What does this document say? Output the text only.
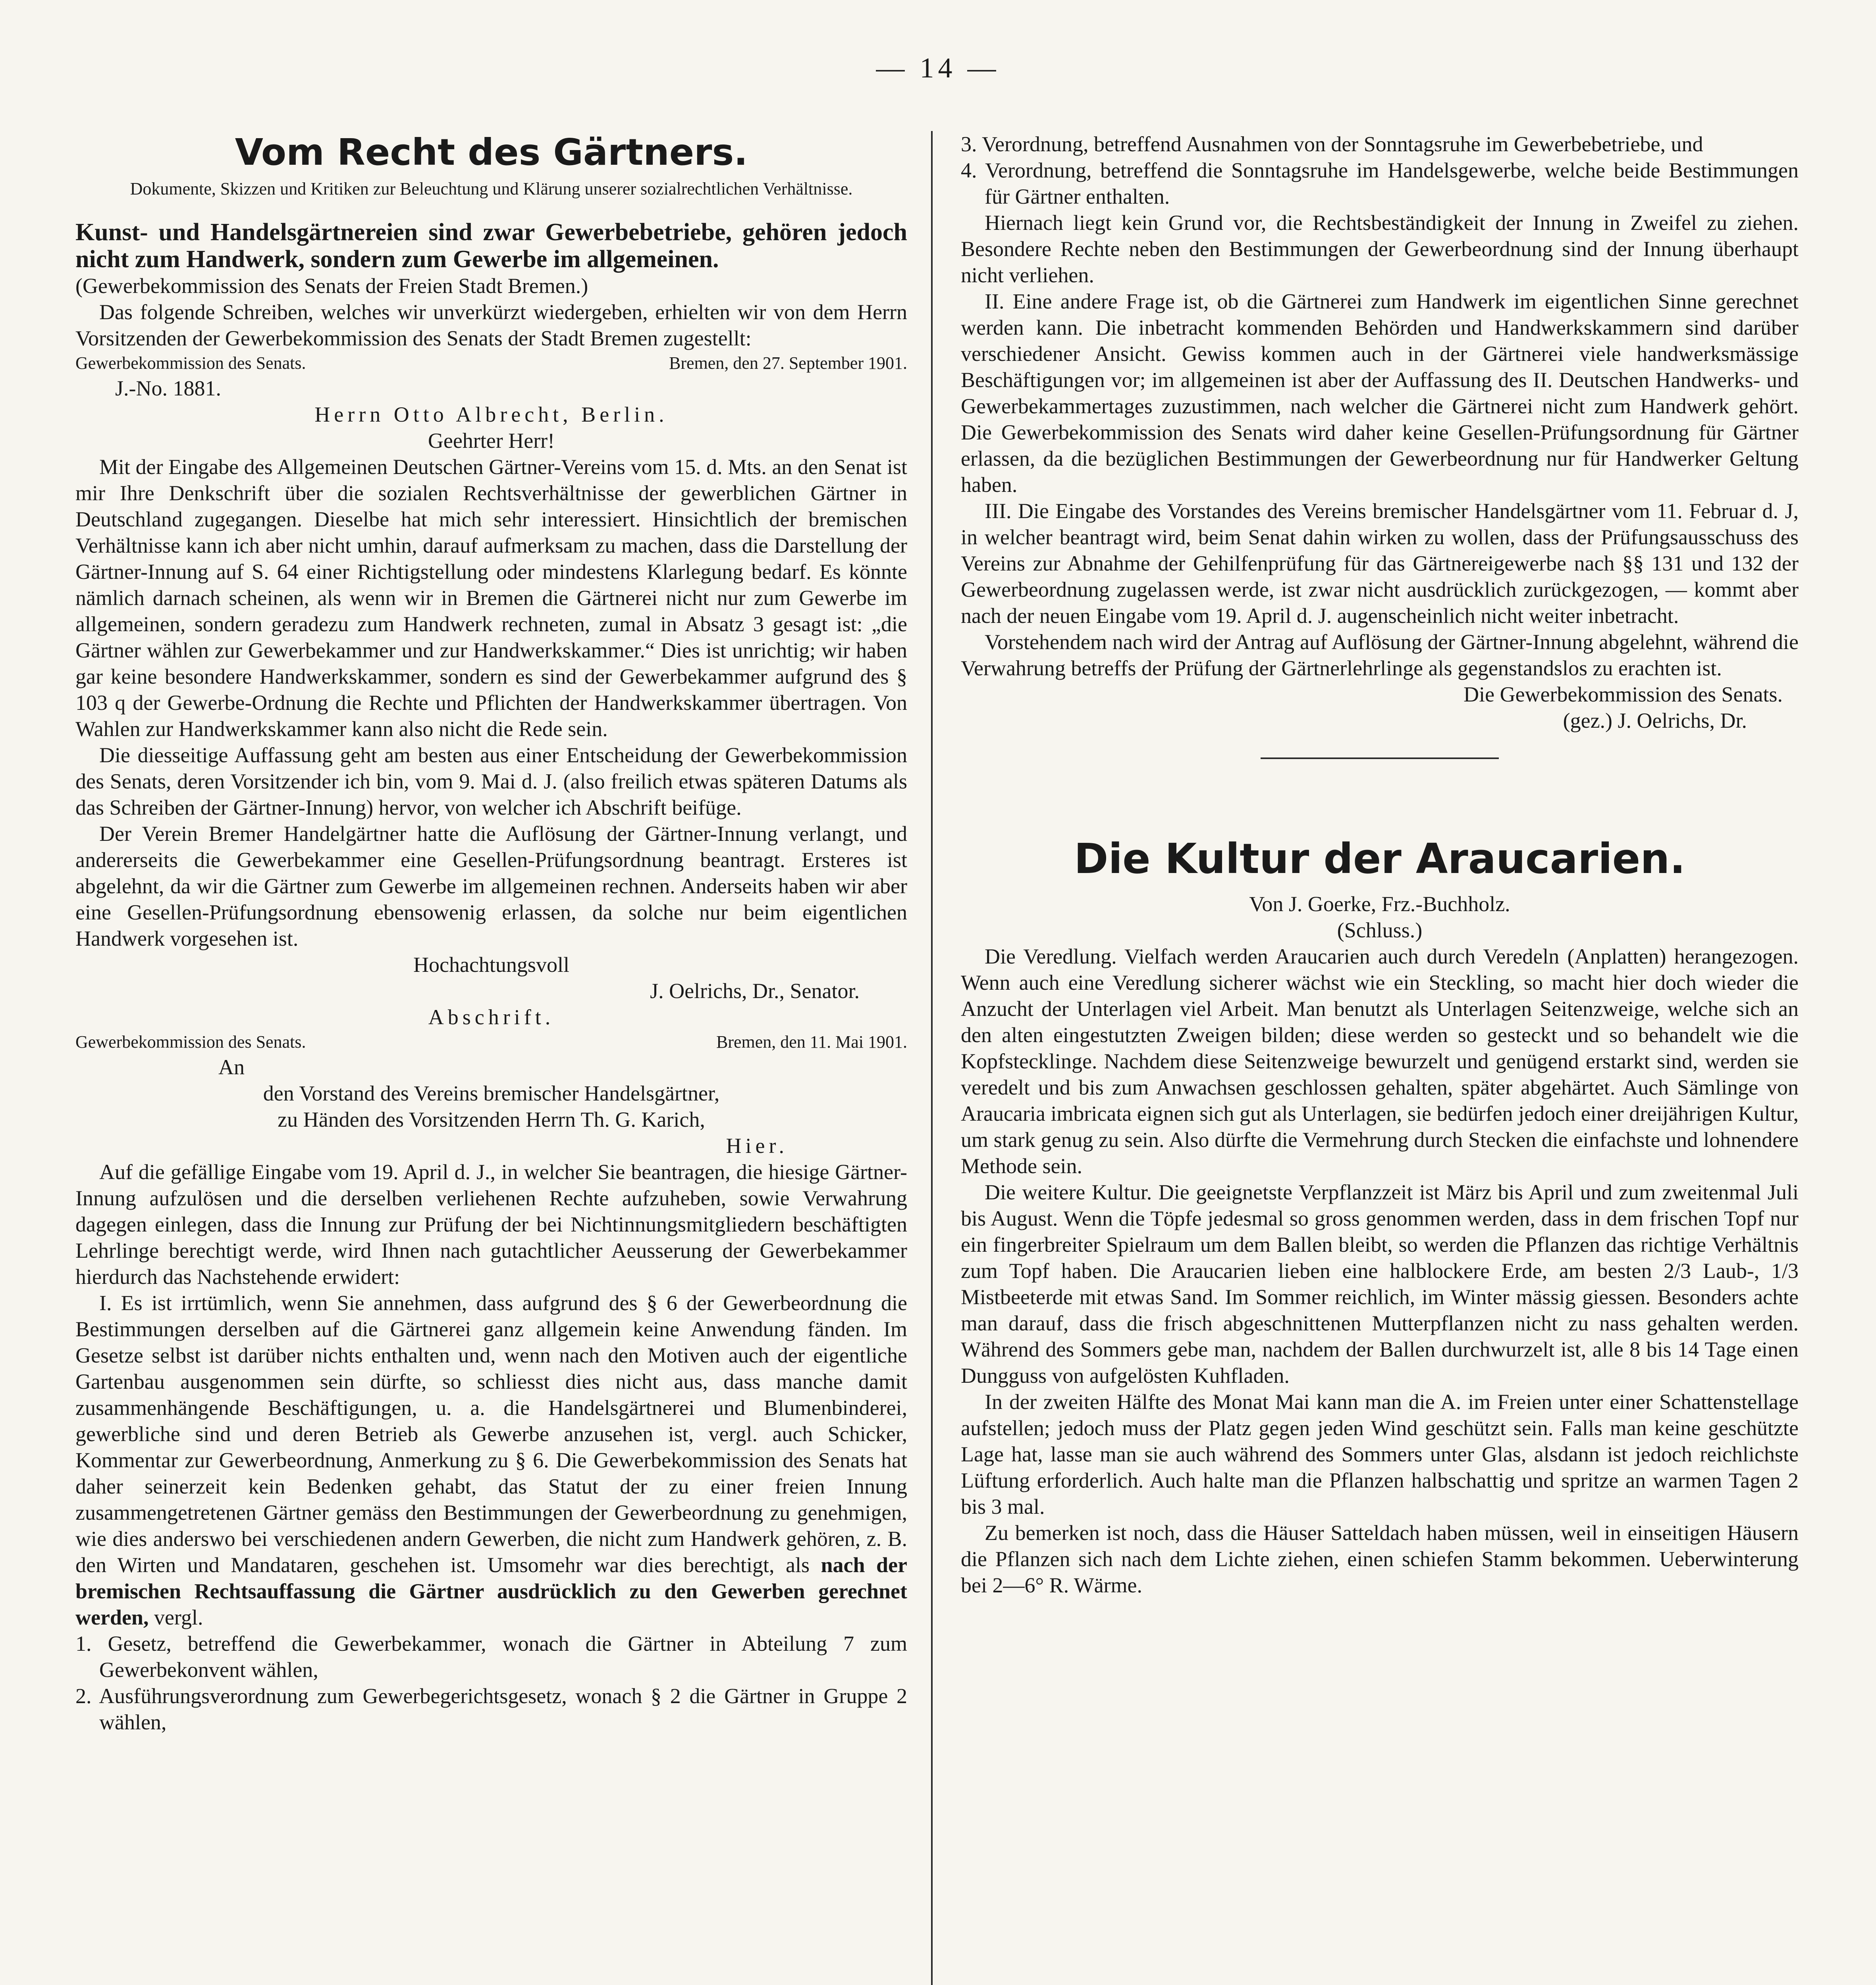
— 14 —
Vom Recht des Gärtners.
Dokumente, Skizzen und Kritiken zur Beleuchtung und Klärung unserer sozialrechtlichen Verhältnisse.

Kunst- und Handelsgärtnereien sind zwar Gewerbebetriebe, gehören jedoch nicht zum Handwerk, sondern zum Gewerbe im allgemeinen.

(Gewerbekommission des Senats der Freien Stadt Bremen.)

Das folgende Schreiben, welches wir unverkürzt wiedergeben, erhielten wir von dem Herrn Vorsitzenden der Gewerbekommission des Senats der Stadt Bremen zugestellt:

Gewerbekommission des Senats.	Bremen, den 27. September 1901.

J.-No. 1881.

Herrn Otto Albrecht, Berlin.

Geehrter Herr!

Mit der Eingabe des Allgemeinen Deutschen Gärtner-Vereins vom 15. d. Mts. an den Senat ist mir Ihre Denkschrift über die sozialen Rechtsverhältnisse der gewerblichen Gärtner in Deutschland zugegangen. Dieselbe hat mich sehr interessiert. Hinsichtlich der bremischen Verhältnisse kann ich aber nicht umhin, darauf aufmerksam zu machen, dass die Darstellung der Gärtner-Innung auf S. 64 einer Richtigstellung oder mindestens Klarlegung bedarf. Es könnte nämlich darnach scheinen, als wenn wir in Bremen die Gärtnerei nicht nur zum Gewerbe im allgemeinen, sondern geradezu zum Handwerk rechneten, zumal in Absatz 3 gesagt ist: „die Gärtner wählen zur Gewerbekammer und zur Handwerkskammer.“ Dies ist unrichtig; wir haben gar keine besondere Handwerkskammer, sondern es sind der Gewerbekammer aufgrund des § 103 q der Gewerbe-Ordnung die Rechte und Pflichten der Handwerkskammer übertragen. Von Wahlen zur Handwerkskammer kann also nicht die Rede sein.

Die diesseitige Auffassung geht am besten aus einer Entscheidung der Gewerbekommission des Senats, deren Vorsitzender ich bin, vom 9. Mai d. J. (also freilich etwas späteren Datums als das Schreiben der Gärtner-Innung) hervor, von welcher ich Abschrift beifüge.

Der Verein Bremer Handelgärtner hatte die Auflösung der Gärtner-Innung verlangt, und andererseits die Gewerbekammer eine Gesellen-Prüfungsordnung beantragt. Ersteres ist abgelehnt, da wir die Gärtner zum Gewerbe im allgemeinen rechnen. Anderseits haben wir aber eine Gesellen-Prüfungsordnung ebensowenig erlassen, da solche nur beim eigentlichen Handwerk vorgesehen ist.

Hochachtungsvoll

J. Oelrichs, Dr., Senator.

Abschrift.

Gewerbekommission des Senats.	Bremen, den 11. Mai 1901.

An

den Vorstand des Vereins bremischer Handelsgärtner,

zu Händen des Vorsitzenden Herrn Th. G. Karich,

Hier.

Auf die gefällige Eingabe vom 19. April d. J., in welcher Sie beantragen, die hiesige Gärtner-Innung aufzulösen und die derselben verliehenen Rechte aufzuheben, sowie Verwahrung dagegen einlegen, dass die Innung zur Prüfung der bei Nichtinnungsmitgliedern beschäftigten Lehrlinge berechtigt werde, wird Ihnen nach gutachtlicher Aeusserung der Gewerbekammer hierdurch das Nachstehende erwidert:

I. Es ist irrtümlich, wenn Sie annehmen, dass aufgrund des § 6 der Gewerbeordnung die Bestimmungen derselben auf die Gärtnerei ganz allgemein keine Anwendung fänden. Im Gesetze selbst ist darüber nichts enthalten und, wenn nach den Motiven auch der eigentliche Gartenbau ausgenommen sein dürfte, so schliesst dies nicht aus, dass manche damit zusammenhängende Beschäftigungen, u. a. die Handelsgärtnerei und Blumenbinderei, gewerbliche sind und deren Betrieb als Gewerbe anzusehen ist, vergl. auch Schicker, Kommentar zur Gewerbeordnung, Anmerkung zu § 6. Die Gewerbekommission des Senats hat daher seinerzeit kein Bedenken gehabt, das Statut der zu einer freien Innung zusammengetretenen Gärtner gemäss den Bestimmungen der Gewerbeordnung zu genehmigen, wie dies anderswo bei verschiedenen andern Gewerben, die nicht zum Handwerk gehören, z. B. den Wirten und Mandataren, geschehen ist. Umsomehr war dies berechtigt, als nach der bremischen Rechtsauffassung die Gärtner ausdrücklich zu den Gewerben gerechnet werden, vergl.

1. Gesetz, betreffend die Gewerbekammer, wonach die Gärtner in Abteilung 7 zum Gewerbekonvent wählen,

2. Ausführungsverordnung zum Gewerbegerichtsgesetz, wonach § 2 die Gärtner in Gruppe 2 wählen,

3. Verordnung, betreffend Ausnahmen von der Sonntagsruhe im Gewerbebetriebe, und

4. Verordnung, betreffend die Sonntagsruhe im Handelsgewerbe, welche beide Bestimmungen für Gärtner enthalten.

Hiernach liegt kein Grund vor, die Rechtsbeständigkeit der Innung in Zweifel zu ziehen. Besondere Rechte neben den Bestimmungen der Gewerbeordnung sind der Innung überhaupt nicht verliehen.

II. Eine andere Frage ist, ob die Gärtnerei zum Handwerk im eigentlichen Sinne gerechnet werden kann. Die inbetracht kommenden Behörden und Handwerkskammern sind darüber verschiedener Ansicht. Gewiss kommen auch in der Gärtnerei viele handwerksmässige Beschäftigungen vor; im allgemeinen ist aber der Auffassung des II. Deutschen Handwerks- und Gewerbekammertages zuzustimmen, nach welcher die Gärtnerei nicht zum Handwerk gehört. Die Gewerbekommission des Senats wird daher keine Gesellen-Prüfungsordnung für Gärtner erlassen, da die bezüglichen Bestimmungen der Gewerbeordnung nur für Handwerker Geltung haben.

III. Die Eingabe des Vorstandes des Vereins bremischer Handelsgärtner vom 11. Februar d. J, in welcher beantragt wird, beim Senat dahin wirken zu wollen, dass der Prüfungsausschuss des Vereins zur Abnahme der Gehilfenprüfung für das Gärtnereigewerbe nach §§ 131 und 132 der Gewerbeordnung zugelassen werde, ist zwar nicht ausdrücklich zurückgezogen, — kommt aber nach der neuen Eingabe vom 19. April d. J. augenscheinlich nicht weiter inbetracht.

Vorstehendem nach wird der Antrag auf Auflösung der Gärtner-Innung abgelehnt, während die Verwahrung betreffs der Prüfung der Gärtnerlehrlinge als gegenstandslos zu erachten ist.

Die Gewerbekommission des Senats.

(gez.) J. Oelrichs, Dr.

Die Kultur der Araucarien.

Von J. Goerke, Frz.-Buchholz.

(Schluss.)

Die Veredlung. Vielfach werden Araucarien auch durch Veredeln (Anplatten) herangezogen. Wenn auch eine Veredlung sicherer wächst wie ein Steckling, so macht hier doch wieder die Anzucht der Unterlagen viel Arbeit. Man benutzt als Unterlagen Seitenzweige, welche sich an den alten eingestutzten Zweigen bilden; diese werden so gesteckt und so behandelt wie die Kopfstecklinge. Nachdem diese Seitenzweige bewurzelt und genügend erstarkt sind, werden sie veredelt und bis zum Anwachsen geschlossen gehalten, später abgehärtet. Auch Sämlinge von Araucaria imbricata eignen sich gut als Unterlagen, sie bedürfen jedoch einer dreijährigen Kultur, um stark genug zu sein. Also dürfte die Vermehrung durch Stecken die einfachste und lohnendere Methode sein.

Die weitere Kultur. Die geeignetste Verpflanzzeit ist März bis April und zum zweitenmal Juli bis August. Wenn die Töpfe jedesmal so gross genommen werden, dass in dem frischen Topf nur ein fingerbreiter Spielraum um dem Ballen bleibt, so werden die Pflanzen das richtige Verhältnis zum Topf haben. Die Araucarien lieben eine halblockere Erde, am besten 2/3 Laub-, 1/3 Mistbeeterde mit etwas Sand. Im Sommer reichlich, im Winter mässig giessen. Besonders achte man darauf, dass die frisch abgeschnittenen Mutterpflanzen nicht zu nass gehalten werden. Während des Sommers gebe man, nachdem der Ballen durchwurzelt ist, alle 8 bis 14 Tage einen Dungguss von aufgelösten Kuhfladen.

In der zweiten Hälfte des Monat Mai kann man die A. im Freien unter einer Schattenstellage aufstellen; jedoch muss der Platz gegen jeden Wind geschützt sein. Falls man keine geschützte Lage hat, lasse man sie auch während des Sommers unter Glas, alsdann ist jedoch reichlichste Lüftung erforderlich. Auch halte man die Pflanzen halbschattig und spritze an warmen Tagen 2 bis 3 mal.

Zu bemerken ist noch, dass die Häuser Satteldach haben müssen, weil in einseitigen Häusern die Pflanzen sich nach dem Lichte ziehen, einen schiefen Stamm bekommen. Ueberwinterung bei 2—6° R. Wärme.
